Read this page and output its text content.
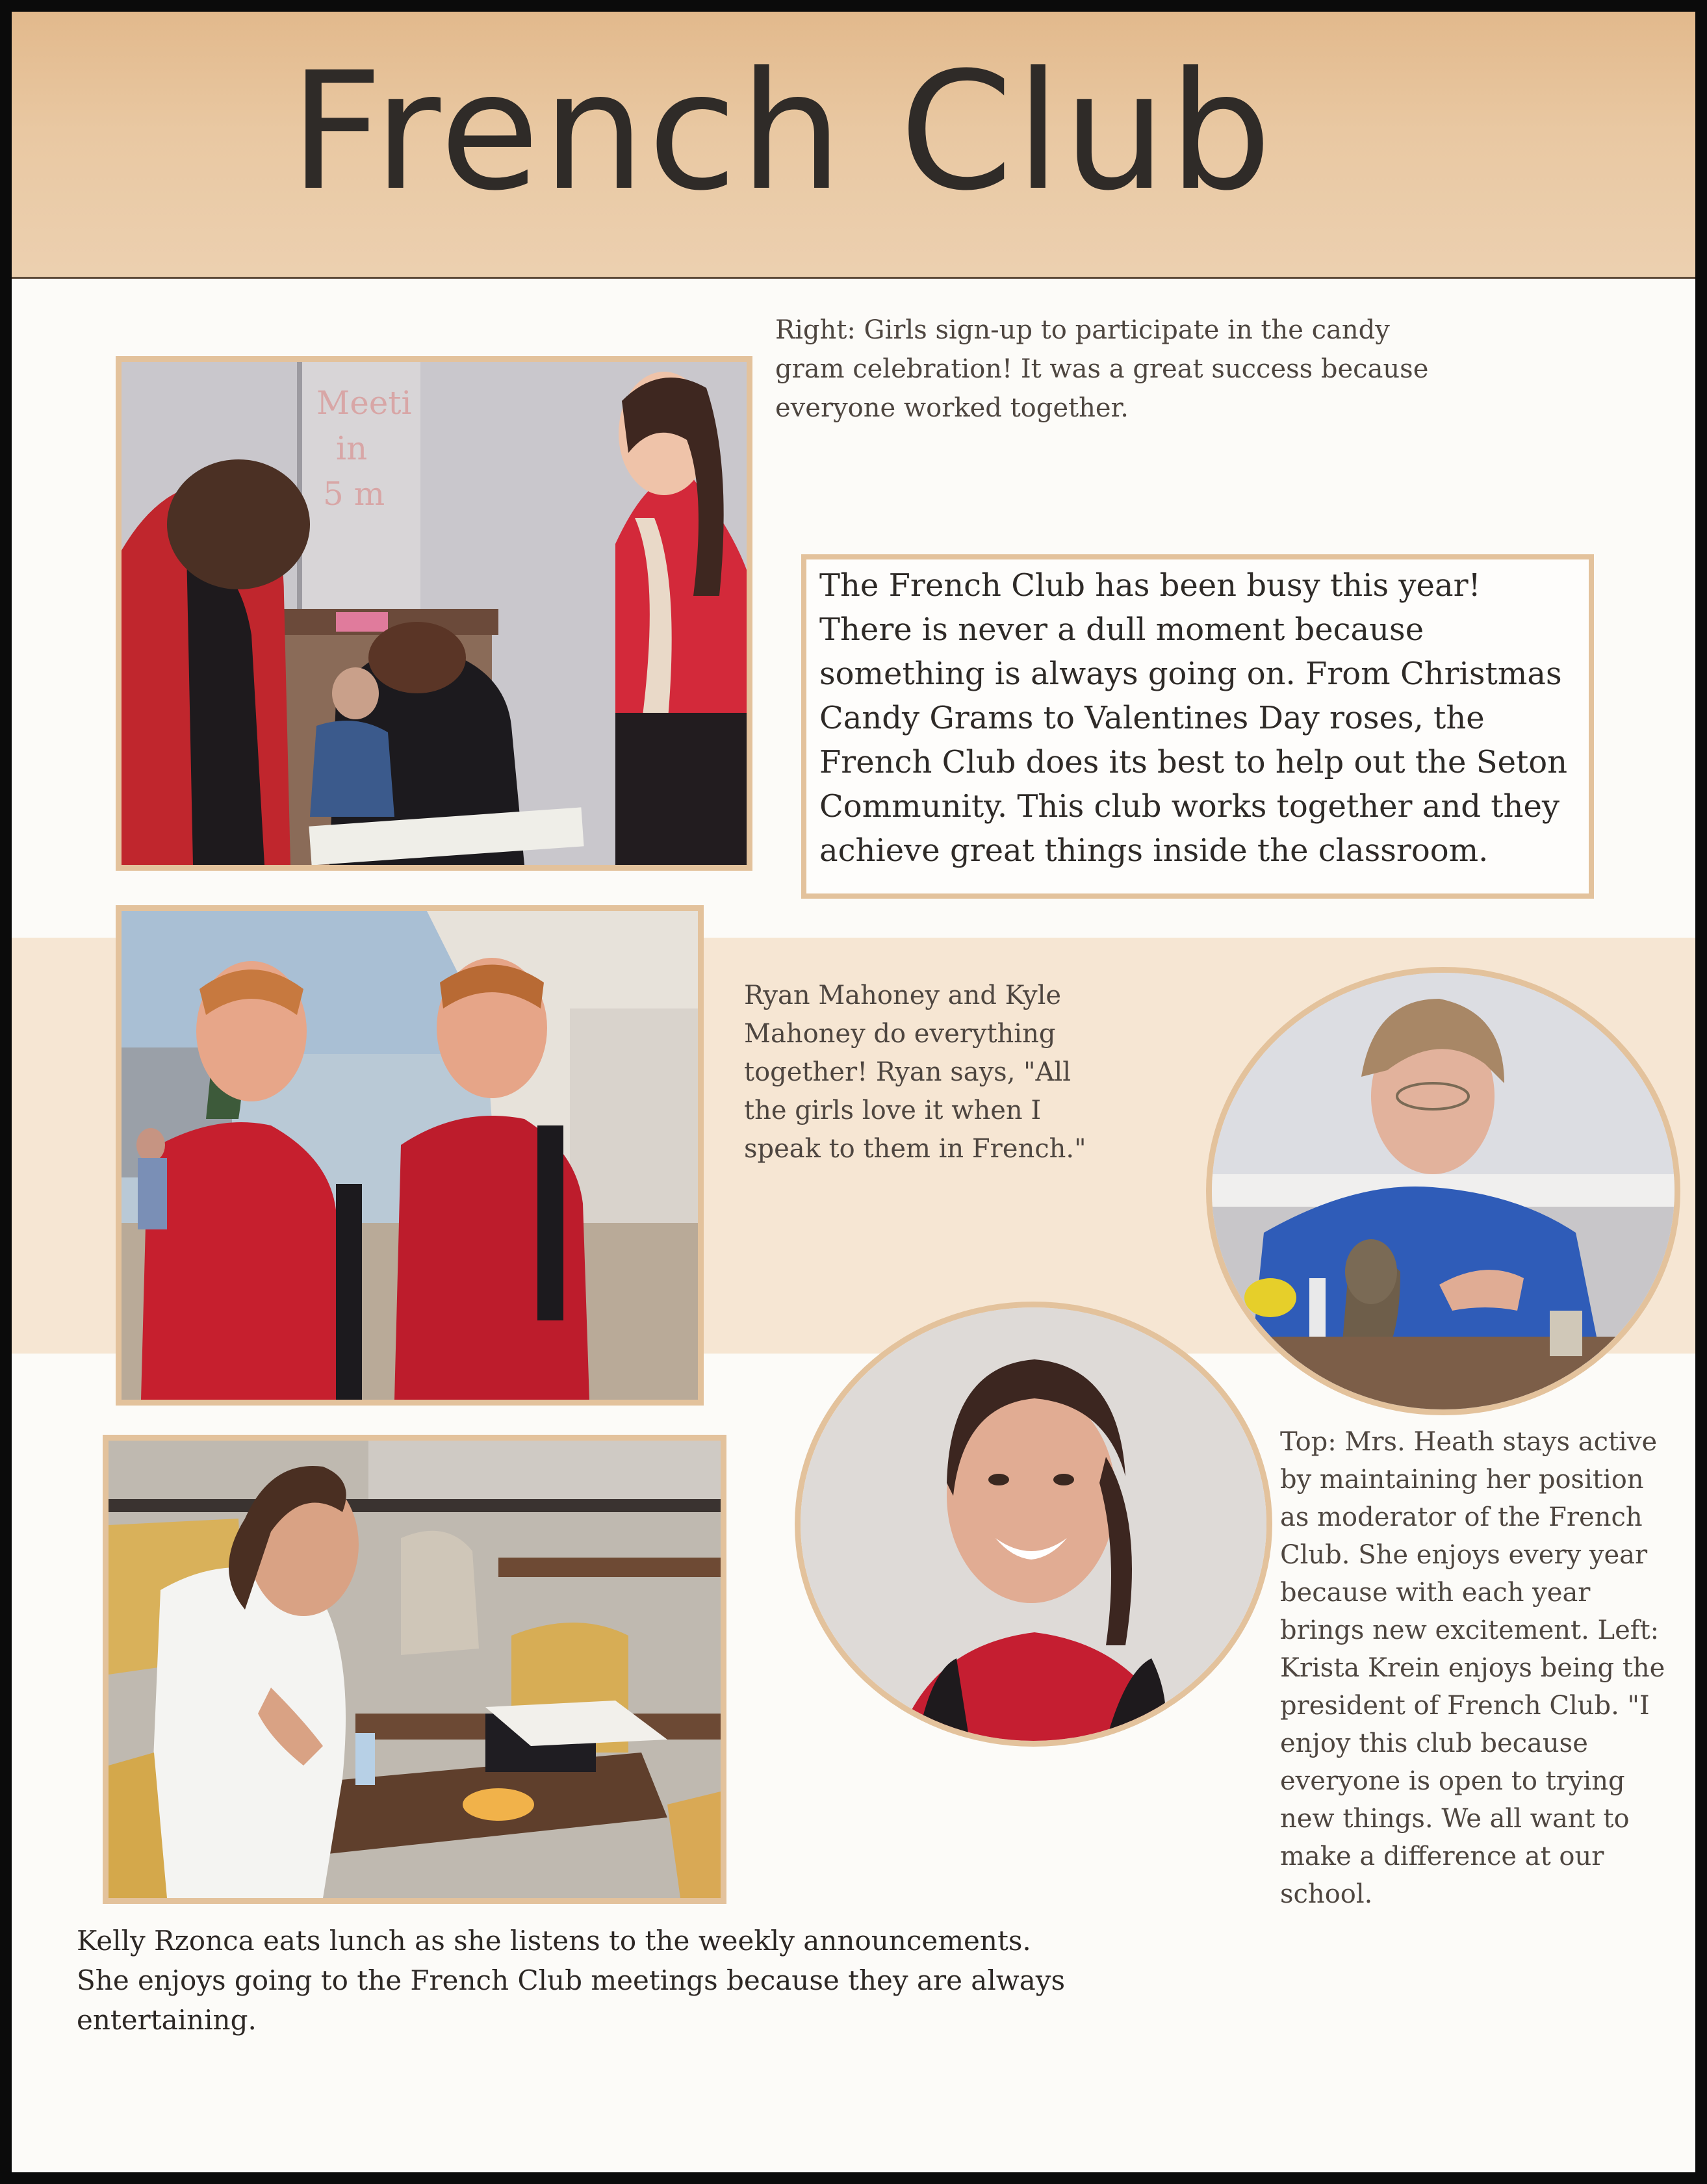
French Club

Right: Girls sign-up to participate in the candy gram celebration! It was a great success because everyone worked together.

Meeti
in
5 m

The French Club has been busy this year! There is never a dull moment because something is always going on. From Christmas Candy Grams to Valentines Day roses, the French Club does its best to help out the Seton Community. This club works together and they achieve great things inside the classroom.

Ryan Mahoney and Kyle Mahoney do everything together! Ryan says, "All the girls love it when I speak to them in French."

Top: Mrs. Heath stays active by maintaining her position as moderator of the French Club. She enjoys every year because with each year brings new excitement. Left: Krista Krein enjoys being the president of French Club. "I enjoy this club because everyone is open to trying new things. We all want to make a difference at our school.

Kelly Rzonca eats lunch as she listens to the weekly announcements. She enjoys going to the French Club meetings because they are always entertaining.
